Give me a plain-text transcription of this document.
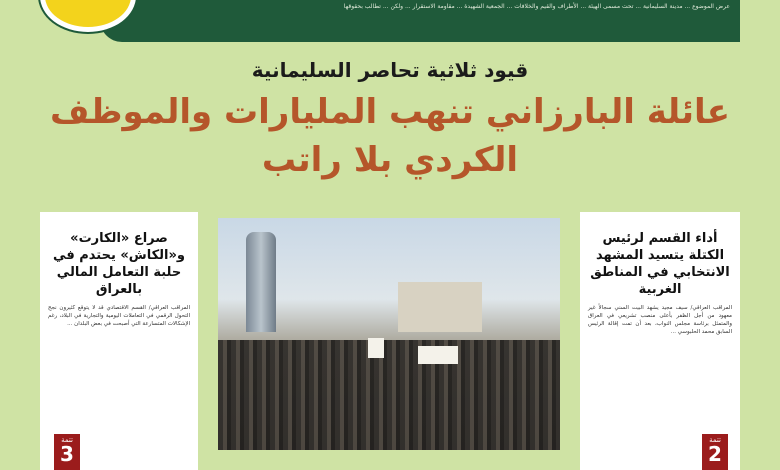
عرض الموضوع ... مدينة السليمانية ... تحت مسمى الهيئة ... الأطراف والقيم والخلافات ... الجمعية الشهيدة ... مقاومة الاستقرار ... ولكن ... تطالب بحقوقها

قيود ثلاثية تحاصر السليمانية
عائلة البارزاني تنهب المليارات والموظف
الكردي بلا راتب
أداء القسم لرئيس الكتلة يتسيد المشهد الانتخابي في المناطق الغربية
المراقب العراقي/ سيف مجيد يشهد البيت السني سجالاً غير معهود من أجل الظفر بأعلى منصب تشريعي في العراق والمتمثل برئاسة مجلس النواب، بعد أن تمت إقالة الرئيس السابق محمد الحلبوسي ...
تتمة
2
صراع «الكارت» و«الكاش» يحتدم في حلبة التعامل المالي بالعراق
المراقب العراقي/ القسم الاقتصادي قد لا يتوقع كثيرون نجح التحول الرقمي في التعاملات اليومية والتجارية في البلاد، رغم الإشكالات المتسارعة التي أصبحت في بعض البلدان ...
تتمة
3
